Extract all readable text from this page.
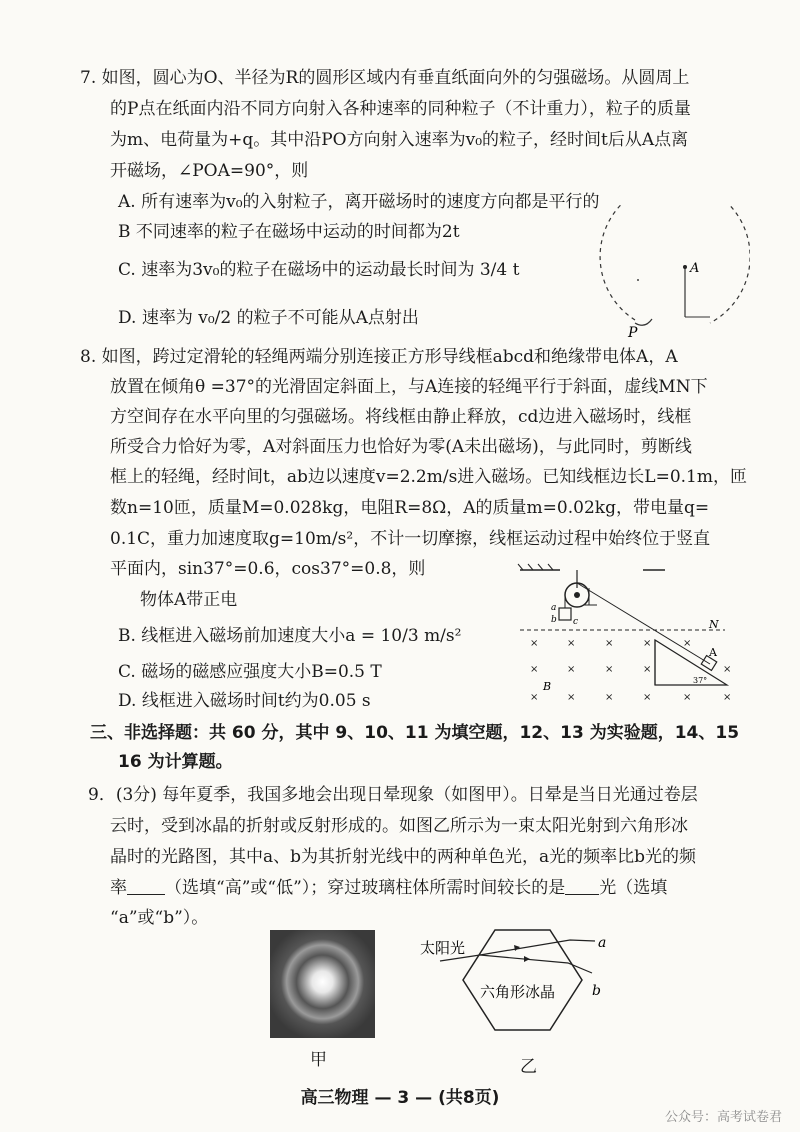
7. 如图，圆心为O、半径为R的圆形区域内有垂直纸面向外的匀强磁场。从圆周上
的P点在纸面内沿不同方向射入各种速率的同种粒子（不计重力），粒子的质量
为m、电荷量为+q。其中沿PO方向射入速率为v₀的粒子，经时间t后从A点离
开磁场，∠POA=90°，则
A. 所有速率为v₀的入射粒子，离开磁场时的速度方向都是平行的
B 不同速率的粒子在磁场中运动的时间都为2t
C. 速率为3v₀的粒子在磁场中的运动最长时间为 3/4 t
D. 速率为 v₀/2 的粒子不可能从A点射出
A
P
8. 如图，跨过定滑轮的轻绳两端分别连接正方形导线框abcd和绝缘带电体A，A
放置在倾角θ =37°的光滑固定斜面上，与A连接的轻绳平行于斜面，虚线MN下
方空间存在水平向里的匀强磁场。将线框由静止释放，cd边进入磁场时，线框
所受合力恰好为零，A对斜面压力也恰好为零(A未出磁场)，与此同时，剪断线
框上的轻绳，经时间t，ab边以速度v=2.2m/s进入磁场。已知线框边长L=0.1m，匝
数n=10匝，质量M=0.028kg，电阻R=8Ω，A的质量m=0.02kg，带电量q=
0.1C，重力加速度取g=10m/s²，不计一切摩擦，线框运动过程中始终位于竖直
平面内，sin37°=0.6，cos37°=0.8，则
物体A带正电
B. 线框进入磁场前加速度大小a = 10/3 m/s²
C. 磁场的磁感应强度大小B=0.5 T
D. 线框进入磁场时间t约为0.05 s
a
b c	N
A
37°
×	×	×	×	×
×	×	×	×	×
×	×	×	×	×	×
B
三、非选择题：共 60 分，其中 9、10、11 为填空题，12、13 为实验题，14、15
16 为计算题。
9．(3分) 每年夏季，我国多地会出现日晕现象（如图甲）。日晕是当日光通过卷层
云时，受到冰晶的折射或反射形成的。如图乙所示为一束太阳光射到六角形冰
晶时的光路图，其中a、b为其折射光线中的两种单色光，a光的频率比b光的频
率 （选填“高”或“低”）；穿过玻璃柱体所需时间较长的是 光（选填
“a”或“b”）。
甲
a
b
太阳光
六角形冰晶
乙
高三物理 — 3 — (共8页)
公众号：高考试卷君
